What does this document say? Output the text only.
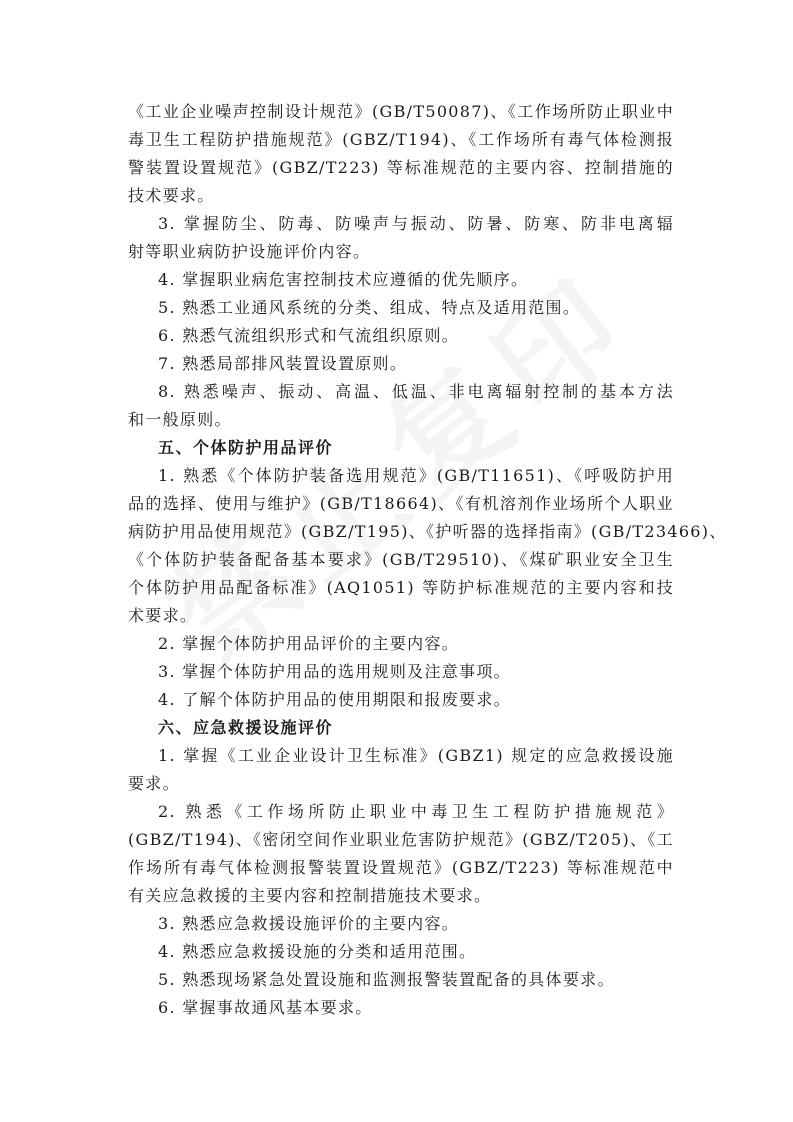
《工业企业噪声控制设计规范》(GB/T50087)、《工作场所防止职业中
毒卫生工程防护措施规范》(GBZ/T194)、《工作场所有毒气体检测报
警装置设置规范》(GBZ/T223) 等标准规范的主要内容、控制措施的
技术要求。
3. 掌握防尘、防毒、防噪声与振动、防暑、防寒、防非电离辐
射等职业病防护设施评价内容。
4. 掌握职业病危害控制技术应遵循的优先顺序。
5. 熟悉工业通风系统的分类、组成、特点及适用范围。
6. 熟悉气流组织形式和气流组织原则。
7. 熟悉局部排风装置设置原则。
8. 熟悉噪声、振动、高温、低温、非电离辐射控制的基本方法
和一般原则。
五、个体防护用品评价
1. 熟悉《个体防护装备选用规范》(GB/T11651)、《呼吸防护用
品的选择、使用与维护》(GB/T18664)、《有机溶剂作业场所个人职业
病防护用品使用规范》(GBZ/T195)、《护听器的选择指南》(GB/T23466)、
《个体防护装备配备基本要求》(GB/T29510)、《煤矿职业安全卫生
个体防护用品配备标准》(AQ1051) 等防护标准规范的主要内容和技
术要求。
2. 掌握个体防护用品评价的主要内容。
3. 掌握个体防护用品的选用规则及注意事项。
4. 了解个体防护用品的使用期限和报废要求。
六、应急救援设施评价
1. 掌握《工业企业设计卫生标准》(GBZ1) 规定的应急救援设施
要求。
2. 熟悉《工作场所防止职业中毒卫生工程防护措施规范》
(GBZ/T194)、《密闭空间作业职业危害防护规范》(GBZ/T205)、《工
作场所有毒气体检测报警装置设置规范》(GBZ/T223) 等标准规范中
有关应急救援的主要内容和控制措施技术要求。
3. 熟悉应急救援设施评价的主要内容。
4. 熟悉应急救援设施的分类和适用范围。
5. 熟悉现场紧急处置设施和监测报警装置配备的具体要求。
6. 掌握事故通风基本要求。
